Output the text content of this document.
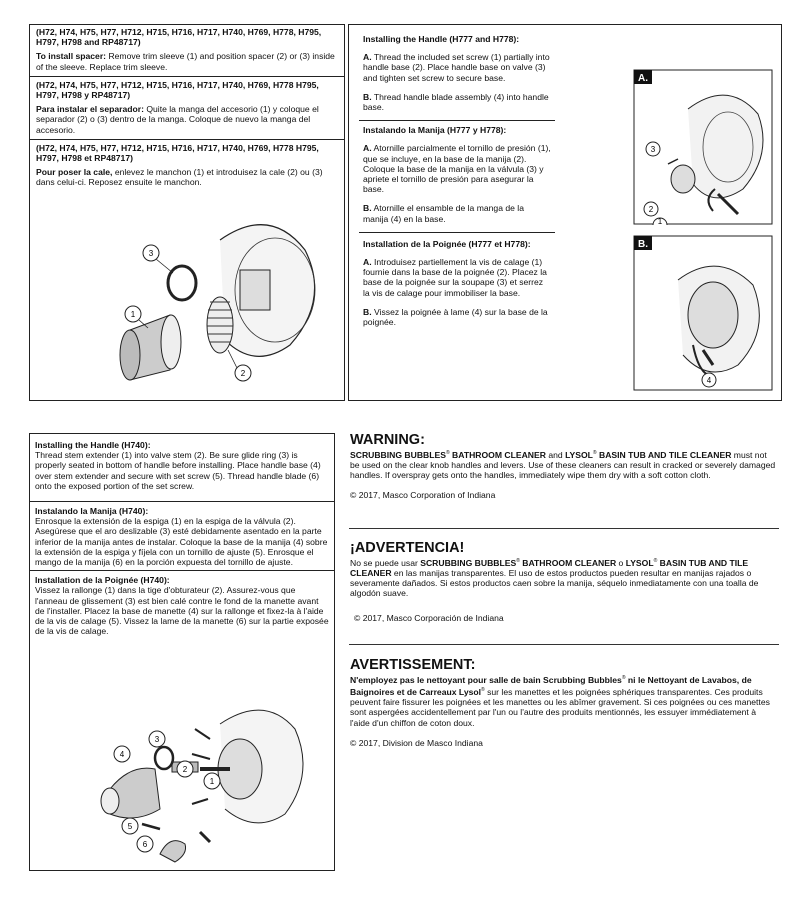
(H72, H74, H75, H77, H712, H715, H716, H717, H740, H769, H778, H795, H797, H798 and RP48717)

To install spacer: Remove trim sleeve (1) and position spacer (2) or (3) inside of the sleeve. Replace trim sleeve.

(H72, H74, H75, H77, H712, H715, H716, H717, H740, H769, H778 H795, H797, H798 y RP48717)

Para instalar el separador: Quite la manga del accesorio (1) y coloque el separador (2) o (3) dentro de la manga. Coloque de nuevo la manga del accesorio.

(H72, H74, H75, H77, H712, H715, H716, H717, H740, H769, H778 H795, H797, H798 et RP48717)

Pour poser la cale, enlevez le manchon (1) et introduisez la cale (2) ou (3) dans celui-ci. Reposez ensuite le manchon.

3
1
2

Installing the Handle (H777 and H778):

A. Thread the included set screw (1) partially into handle base (2). Place handle base on valve (3) and tighten set screw to secure base.

B. Thread handle blade assembly (4) into handle base.

Instalando la Manija (H777 y H778):

A. Atornille parcialmente el tornillo de presión (1), que se incluye, en la base de la manija (2). Coloque la base de la manija en la válvula (3) y apriete el tornillo de presión para asegurar la base.

B. Atornille el ensamble de la manga de la manija (4) en la base.

Installation de la Poignée (H777 et H778):

A. Introduisez partiellement la vis de calage (1) fournie dans la base de la poignée (2). Placez la base de la poignée sur la soupape (3) et serrez la vis de calage pour immobiliser la base.

B. Vissez la poignée à lame (4) sur la base de la poignée.

A.
3
2
1
B.
4

Installing the Handle (H740):

Thread stem extender (1) into valve stem (2). Be sure glide ring (3) is properly seated in bottom of handle before installing. Place handle base (4) over stem extender and secure with set screw (5). Thread handle blade (6) onto the exposed portion of the set screw.

Instalando la Manija (H740):

Enrosque la extensión de la espiga (1) en la espiga de la válvula (2). Asegúrese que el aro deslizable (3) esté debidamente asentado en la parte inferior de la manija antes de instalar. Coloque la base de la manija (4) sobre la extensión de la espiga y fíjela con un tornillo de ajuste (5). Enrosque el mango de la manija (6) en la porción expuesta del tornillo de ajuste.

Installation de la Poignée (H740):

Vissez la rallonge (1) dans la tige d'obturateur (2). Assurez-vous que l'anneau de glissement (3) est bien calé contre le fond de la manette avant de l'installer. Placez la base de manette (4) sur la rallonge et fixez-la à l'aide de la vis de calage (5). Vissez la lame de la manette (6) sur la partie exposée de la vis de calage.

3
4
2
1
5
6

WARNING:

SCRUBBING BUBBLES® BATHROOM CLEANER and LYSOL® BASIN TUB AND TILE CLEANER must not be used on the clear knob handles and levers. Use of these cleaners can result in cracked or severely damaged handles. If overspray gets onto the handles, immediately wipe them dry with a soft cotton cloth.

© 2017, Masco Corporation of Indiana

¡ADVERTENCIA!

No se puede usar SCRUBBING BUBBLES® BATHROOM CLEANER o LYSOL® BASIN TUB AND TILE CLEANER en las manijas transparentes. El uso de estos productos pueden resultar en manijas rajados o severamente dañados. Si estos productos caen sobre la manija, séquelo inmediatamente con una toalla de algodón suave.

© 2017, Masco Corporación de Indiana

AVERTISSEMENT:

N'employez pas le nettoyant pour salle de bain Scrubbing Bubbles® ni le Nettoyant de Lavabos, de Baignoires et de Carreaux Lysol® sur les manettes et les poignées sphériques transparentes. Ces produits peuvent faire fissurer les poignées et les manettes ou les abîmer gravement. Si ces poignées ou ces manettes sont aspergées accidentellement par l'un ou l'autre des produits mentionnés, les essuyer immédiatement à l'aide d'un chiffon de coton doux.

© 2017, Division de Masco Indiana
